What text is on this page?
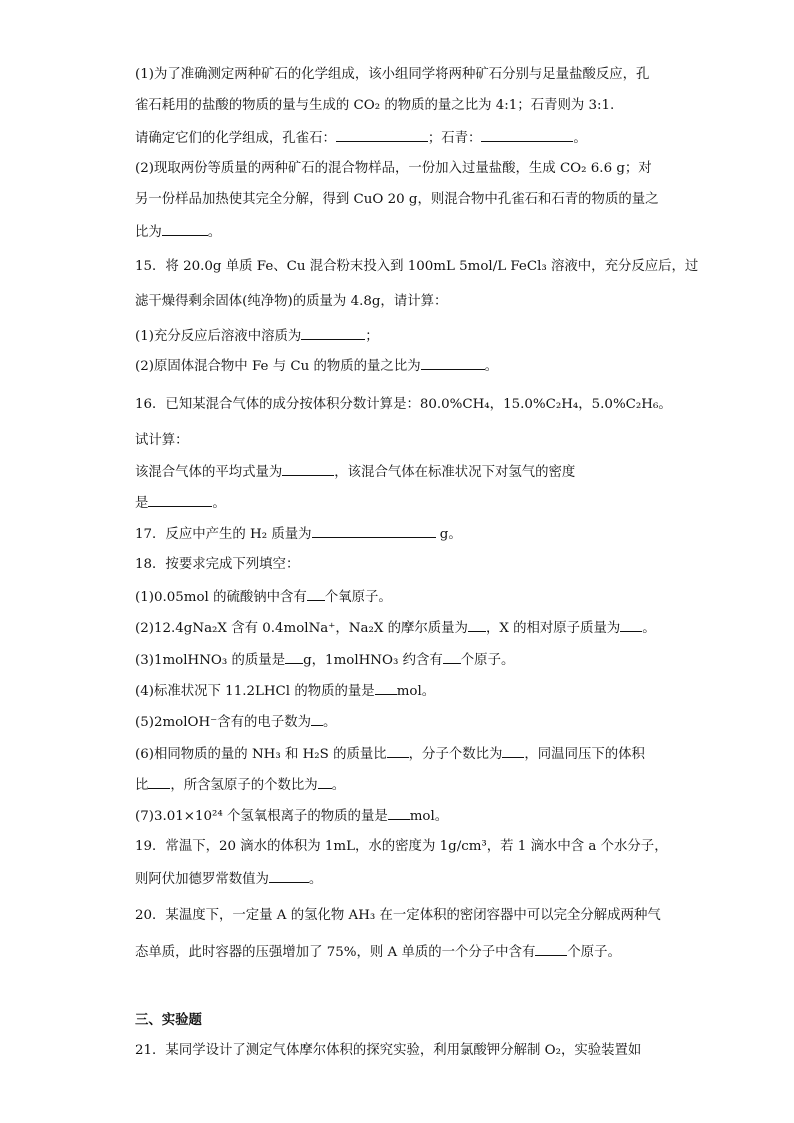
(1)为了准确测定两种矿石的化学组成，该小组同学将两种矿石分别与足量盐酸反应，孔
雀石耗用的盐酸的物质的量与生成的 CO₂ 的物质的量之比为 4:1；石青则为 3:1.
请确定它们的化学组成，孔雀石：	；石青：	。
(2)现取两份等质量的两种矿石的混合物样品，一份加入过量盐酸，生成 CO₂ 6.6 g；对
另一份样品加热使其完全分解，得到 CuO 20 g，则混合物中孔雀石和石青的物质的量之
比为	。
15．将 20.0g 单质 Fe、Cu 混合粉末投入到 100mL 5mol/L FeCl₃ 溶液中，充分反应后，过
滤干燥得剩余固体(纯净物)的质量为 4.8g，请计算：
(1)充分反应后溶液中溶质为	；
(2)原固体混合物中 Fe 与 Cu 的物质的量之比为	。
16．已知某混合气体的成分按体积分数计算是：80.0%CH₄，15.0%C₂H₄，5.0%C₂H₆。
试计算：
该混合气体的平均式量为	，该混合气体在标准状况下对氢气的密度
是	。
17．反应中产生的 H₂ 质量为	g。
18．按要求完成下列填空：
(1)0.05mol 的硫酸钠中含有 个氧原子。
(2)12.4gNa₂X 含有 0.4molNa⁺，Na₂X 的摩尔质量为 ，X 的相对原子质量为 。
(3)1molHNO₃ 的质量是 g，1molHNO₃ 约含有 个原子。
(4)标准状况下 11.2LHCl 的物质的量是 mol。
(5)2molOH⁻含有的电子数为 。
(6)相同物质的量的 NH₃ 和 H₂S 的质量比 ，分子个数比为 ，同温同压下的体积
比 ，所含氢原子的个数比为 。
(7)3.01×10²⁴ 个氢氧根离子的物质的量是 mol。
19．常温下，20 滴水的体积为 1mL，水的密度为 1g/cm³，若 1 滴水中含 a 个水分子，
则阿伏加德罗常数值为	。
20．某温度下，一定量 A 的氢化物 AH₃ 在一定体积的密闭容器中可以完全分解成两种气
态单质，此时容器的压强增加了 75%，则 A 单质的一个分子中含有 个原子。
三、实验题
21．某同学设计了测定气体摩尔体积的探究实验，利用氯酸钾分解制 O₂，实验装置如
